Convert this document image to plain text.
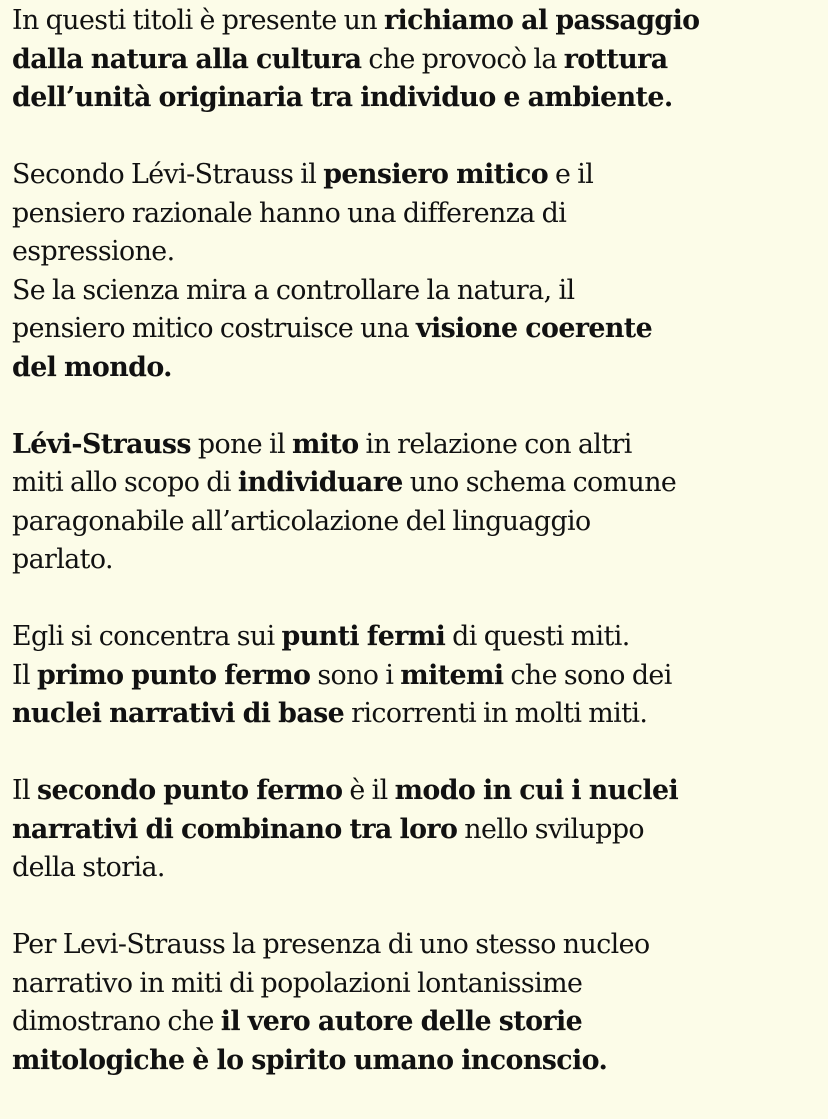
In questi titoli è presente un richiamo al passaggio
dalla natura alla cultura che provocò la rottura
dell’unità originaria tra individuo e ambiente.

Secondo Lévi-Strauss il pensiero mitico e il
pensiero razionale hanno una differenza di
espressione.
Se la scienza mira a controllare la natura, il
pensiero mitico costruisce una visione coerente
del mondo.

Lévi-Strauss pone il mito in relazione con altri
miti allo scopo di individuare uno schema comune
paragonabile all’articolazione del linguaggio
parlato.

Egli si concentra sui punti fermi di questi miti.
Il primo punto fermo sono i mitemi che sono dei
nuclei narrativi di base ricorrenti in molti miti.

Il secondo punto fermo è il modo in cui i nuclei
narrativi di combinano tra loro nello sviluppo
della storia.

Per Levi-Strauss la presenza di uno stesso nucleo
narrativo in miti di popolazioni lontanissime
dimostrano che il vero autore delle storie
mitologiche è lo spirito umano inconscio.
